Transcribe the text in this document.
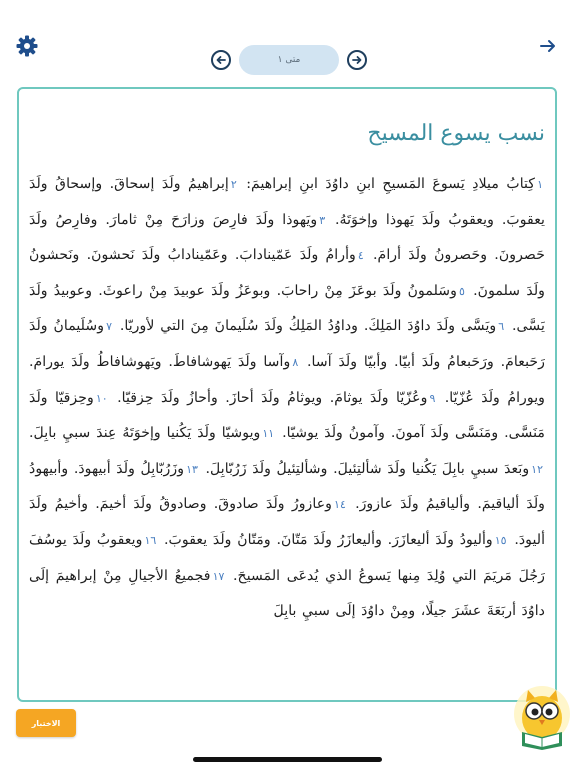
متى ١
نسب يسوع المسيح
١كِتابُ ميلادِ يَسوعَ المَسيحِ ابنِ داوُدَ ابنِ إبراهيمَ: ٢إبراهيمُ ولَدَ إسحاقَ. وإسحاقُ ولَدَ يعقوبَ. ويعقوبُ ولَدَ يَهوذا وإخوَتَهُ. ٣ويَهوذا ولَدَ فارِصَ وزارَحَ مِنْ ثامارَ. وفارِصُ ولَدَ حَصرونَ. وحَصرونُ ولَدَ أرامَ. ٤وأرامُ ولَدَ عَمّينادابَ. وعَمّينادابُ ولَدَ نَحشونَ. ونَحشونُ ولَدَ سلمونَ. ٥وسَلمونُ ولَدَ بوعَزَ مِنْ راحابَ. وبوعَزُ ولَدَ عوبيدَ مِنْ راعوثَ. وعوبيدُ ولَدَ يَسَّى. ٦ويَسَّى ولَدَ داوُدَ المَلِكَ. وداوُدُ المَلِكُ ولَدَ سُلَيمانَ مِنَ التي لأوريّا. ٧وسُلَيمانُ ولَدَ رَحَبعامَ. ورَحَبعامُ ولَدَ أبيّا. وأبيّا ولَدَ آسا. ٨وآسا ولَدَ يَهوشافاطَ. ويَهوشافاطُ ولَدَ يورامَ. ويورامُ ولَدَ عُزّيّا. ٩وعُزّيّا ولَدَ يوثامَ. ويوثامُ ولَدَ أحازَ. وأحازُ ولَدَ حِزقيّا. ١٠وحِزقيّا ولَدَ مَنَسَّى. ومَنَسَّى ولَدَ آمونَ. وآمونُ ولَدَ يوشيّا. ١١ويوشيّا ولَدَ يَكُنيا وإخوَتَهُ عِندَ سبيِ بابِلَ. ١٢وبَعدَ سبيِ بابِلَ يَكُنيا ولَدَ شألتِئيلَ. وشألتِئيلُ ولَدَ زَرُبّابِلَ. ١٣وزَرُبّابِلُ ولَدَ أبيهودَ. وأبيهودُ ولَدَ ألياقيمَ. وألياقيمُ ولَدَ عازورَ. ١٤وعازورُ ولَدَ صادوقَ. وصادوقُ ولَدَ أخيمَ. وأخيمُ ولَدَ أليودَ. ١٥وأليودُ ولَدَ أليعازَرَ. وأليعازَرُ ولَدَ مَتّانَ. ومَتّانُ ولَدَ يعقوبَ. ١٦ويعقوبُ ولَدَ يوسُفَ رَجُلَ مَريَمَ التي وُلِدَ مِنها يَسوعُ الذي يُدعَى المَسيحَ. ١٧فجميعُ الأجيالِ مِنْ إبراهيمَ إلَى داوُدَ أربَعَةَ عشَرَ جيلًا، ومِنْ داوُدَ إلَى سبيِ بابِلَ
الاختبار
